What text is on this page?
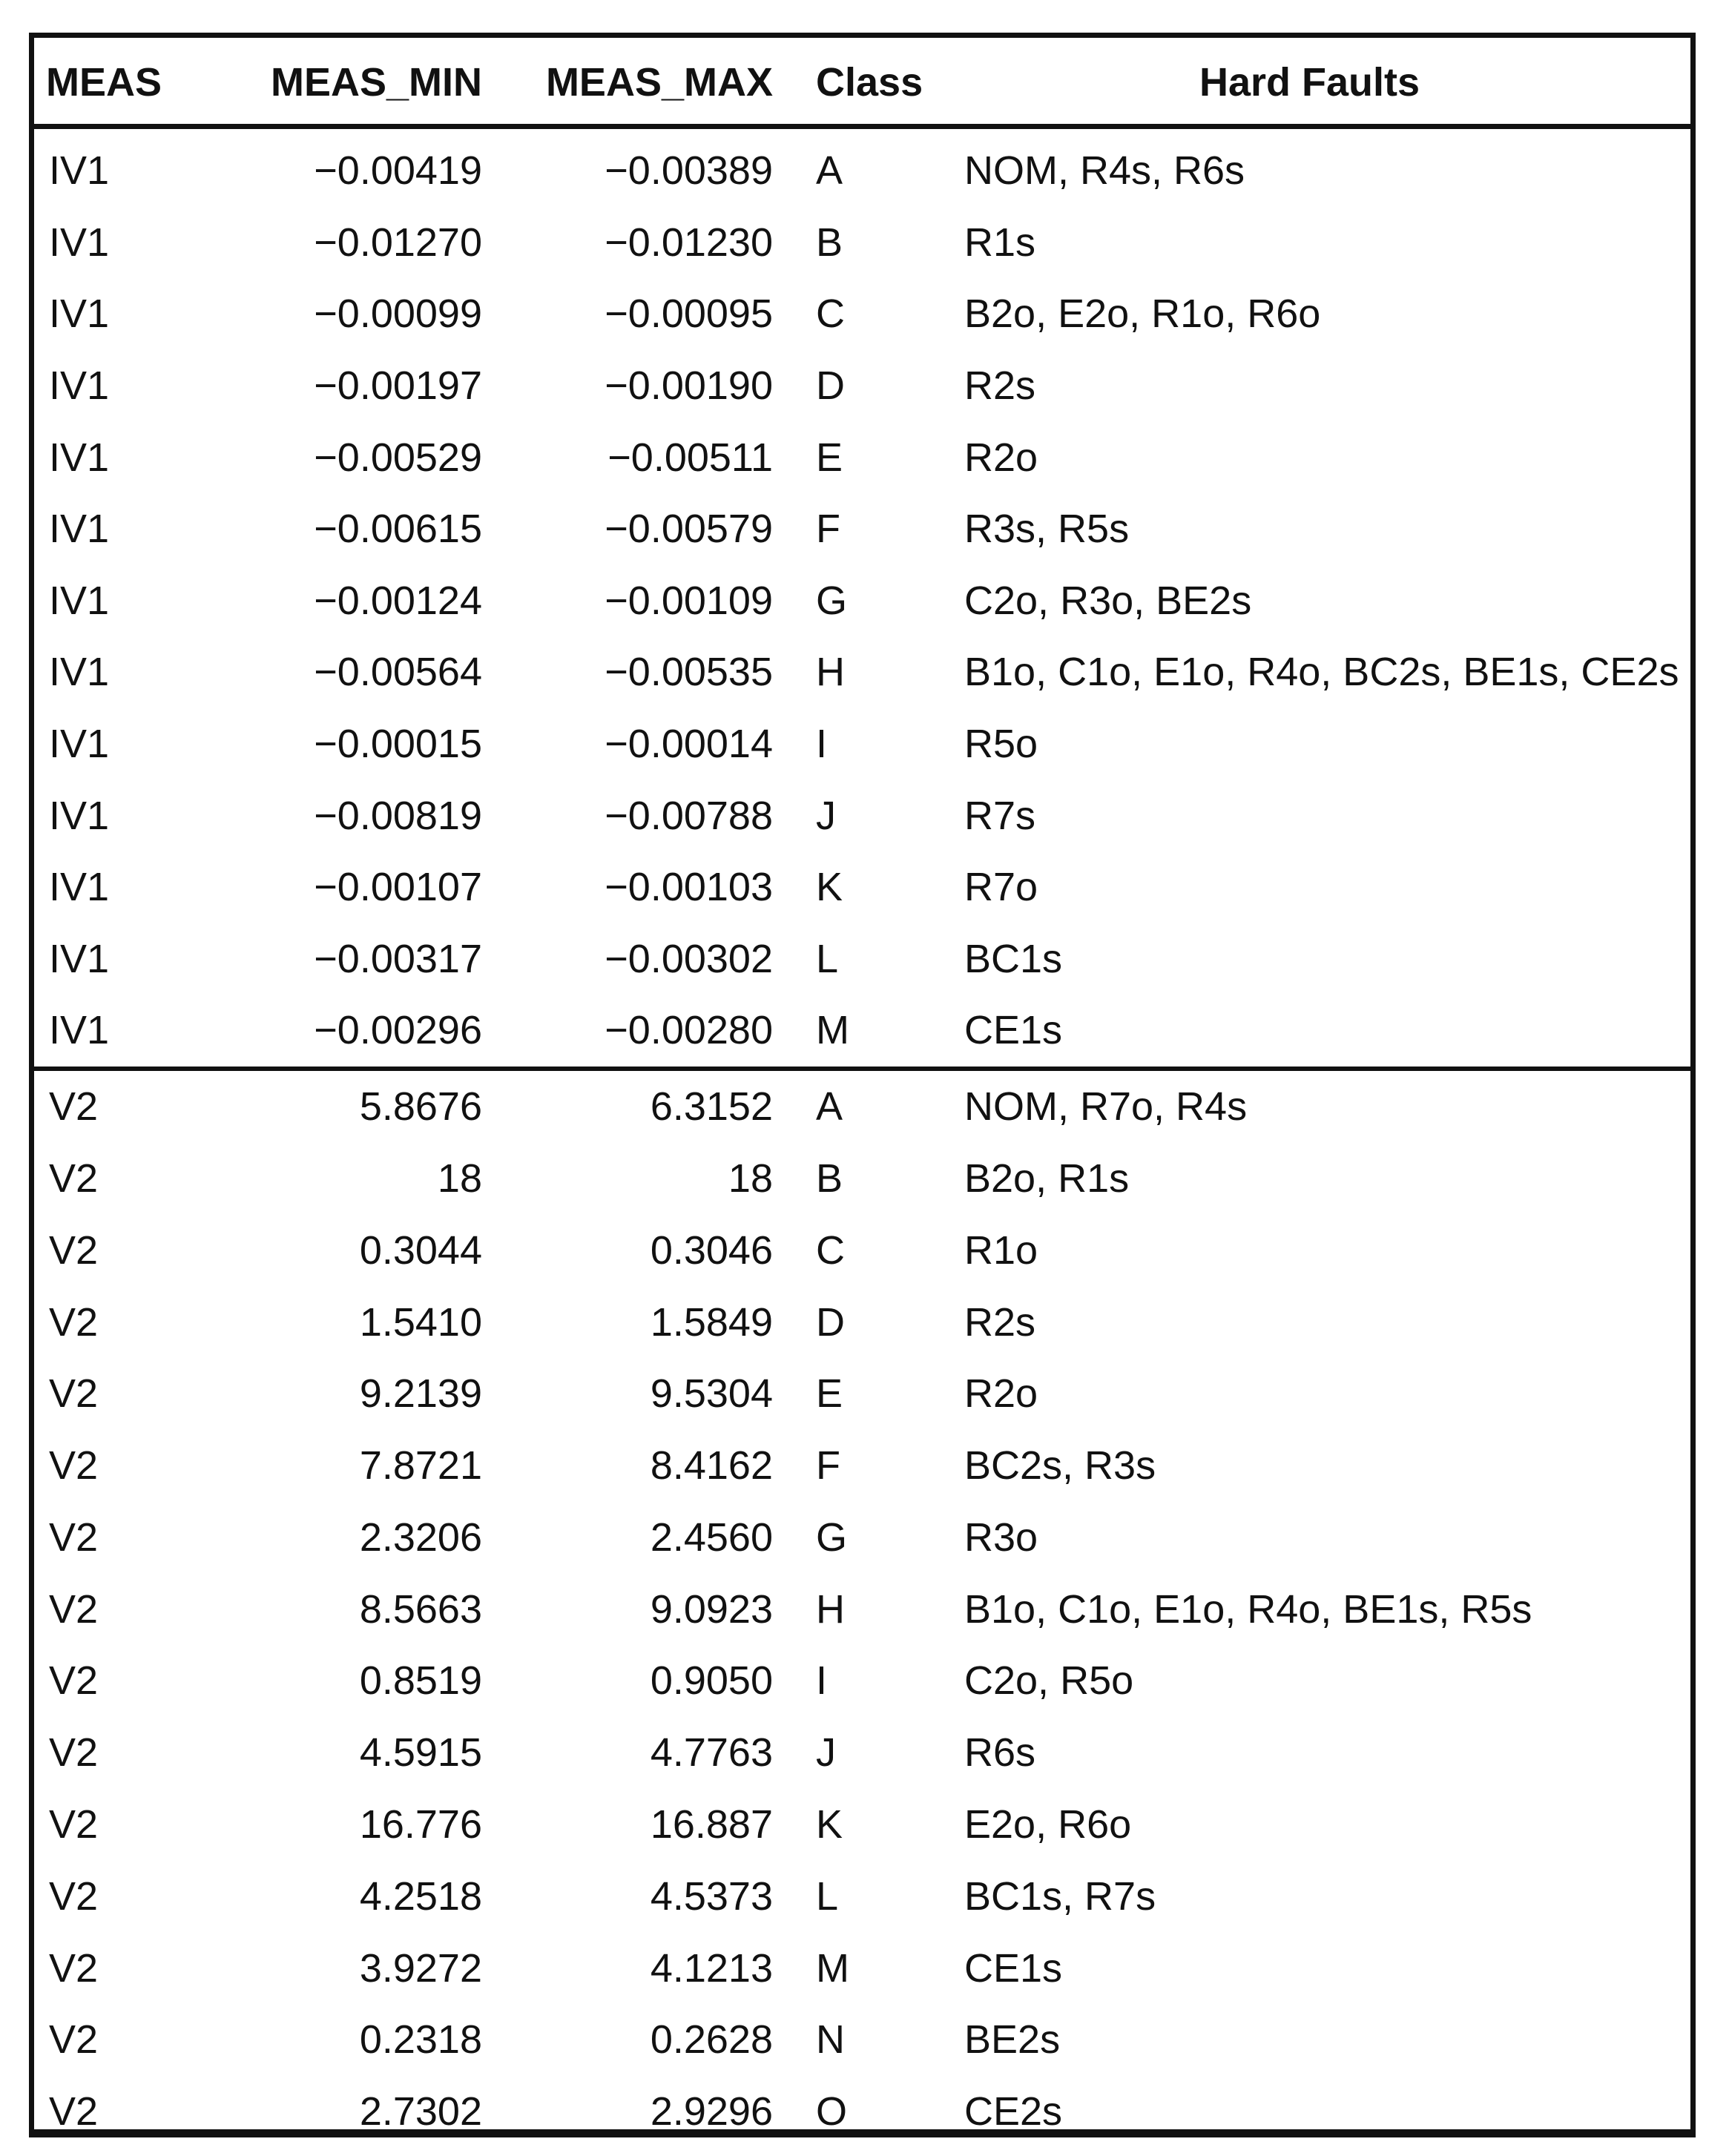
MEAS	MEAS_MIN	MEAS_MAX	Class	Hard Faults
IV1	−0.00419	−0.00389	A	NOM, R4s, R6s
IV1	−0.01270	−0.01230	B	R1s
IV1	−0.00099	−0.00095	C	B2o, E2o, R1o, R6o
IV1	−0.00197	−0.00190	D	R2s
IV1	−0.00529	−0.00511	E	R2o
IV1	−0.00615	−0.00579	F	R3s, R5s
IV1	−0.00124	−0.00109	G	C2o, R3o, BE2s
IV1	−0.00564	−0.00535	H	B1o, C1o, E1o, R4o, BC2s, BE1s, CE2s
IV1	−0.00015	−0.00014	I	R5o
IV1	−0.00819	−0.00788	J	R7s
IV1	−0.00107	−0.00103	K	R7o
IV1	−0.00317	−0.00302	L	BC1s
IV1	−0.00296	−0.00280	M	CE1s
V2	5.8676	6.3152	A	NOM, R7o, R4s
V2	18	18	B	B2o, R1s
V2	0.3044	0.3046	C	R1o
V2	1.5410	1.5849	D	R2s
V2	9.2139	9.5304	E	R2o
V2	7.8721	8.4162	F	BC2s, R3s
V2	2.3206	2.4560	G	R3o
V2	8.5663	9.0923	H	B1o, C1o, E1o, R4o, BE1s, R5s
V2	0.8519	0.9050	I	C2o, R5o
V2	4.5915	4.7763	J	R6s
V2	16.776	16.887	K	E2o, R6o
V2	4.2518	4.5373	L	BC1s, R7s
V2	3.9272	4.1213	M	CE1s
V2	0.2318	0.2628	N	BE2s
V2	2.7302	2.9296	O	CE2s
